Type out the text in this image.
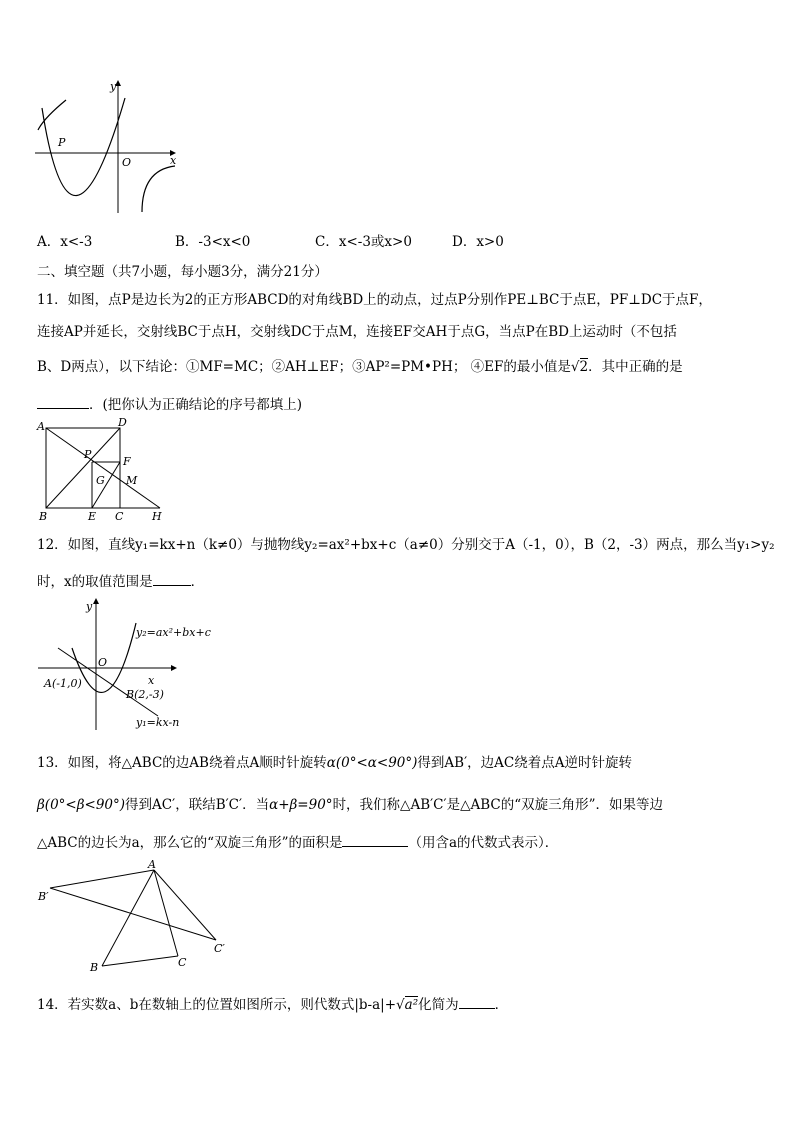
y
x
P
O
A．x<-3	B．-3<x<0	C．x<-3或x>0	D．x>0
二、填空题（共7小题，每小题3分，满分21分）
11．如图，点P是边长为2的正方形ABCD的对角线BD上的动点，过点P分别作PE⊥BC于点E，PF⊥DC于点F，
连接AP并延长，交射线BC于点H，交射线DC于点M，连接EF交AH于点G，当点P在BD上运动时（不包括
B、D两点），以下结论：①MF=MC；②AH⊥EF；③AP²=PM•PH； ④EF的最小值是√2．其中正确的是
．(把你认为正确结论的序号都填上)
A	D
P
F
G M
B	E C	H
12．如图，直线y₁=kx+n（k≠0）与抛物线y₂=ax²+bx+c（a≠0）分别交于A（-1，0），B（2，-3）两点，那么当y₁>y₂
时，x的取值范围是	．
y
x
O
A(-1,0)
B(2,-3)
y₂=ax²+bx+c
y₁=kx-n
13．如图，将△ABC的边AB绕着点A顺时针旋转α(0°<α<90°)得到AB′，边AC绕着点A逆时针旋转
β(0°<β<90°)得到AC′，联结B′C′．当α+β=90°时，我们称△AB′C′是△ABC的“双旋三角形”．如果等边
△ABC的边长为a，那么它的“双旋三角形”的面积是	（用含a的代数式表示）．
A
B′
C′
B	C
14．若实数a、b在数轴上的位置如图所示，则代数式|b-a|+√a²化简为	．
